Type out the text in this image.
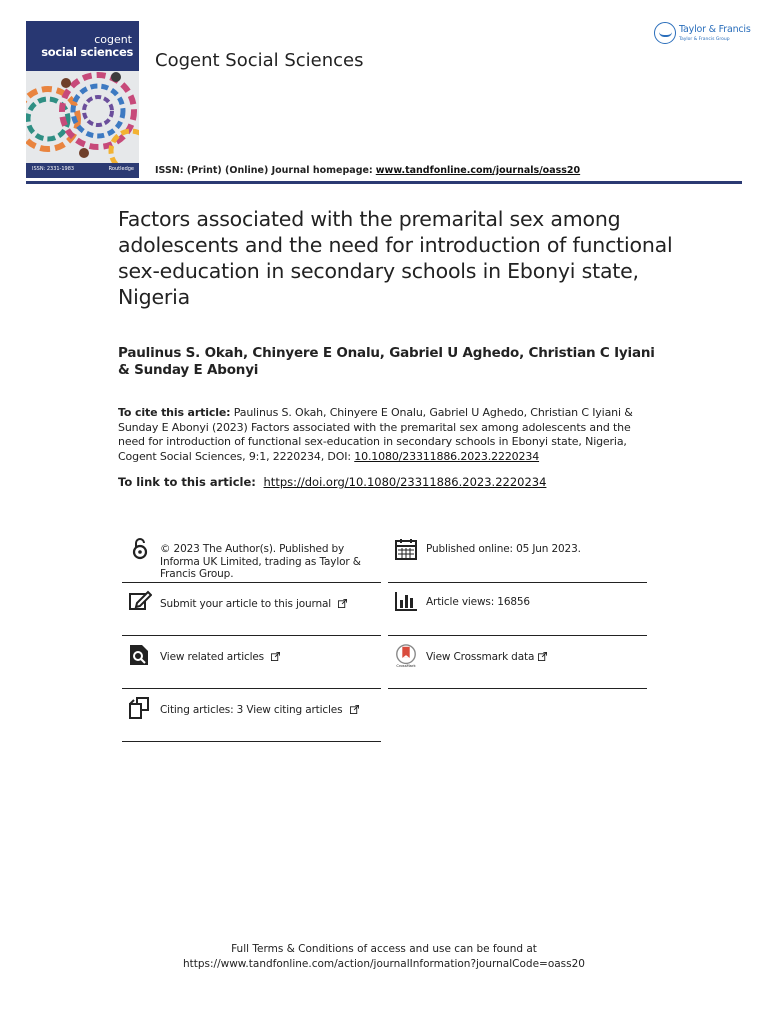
cogent
social sciences
ISSN: 2331-1983	Routledge
Cogent Social Sciences
ISSN: (Print) (Online) Journal homepage: www.tandfonline.com/journals/oass20
Taylor & Francis
Taylor & Francis Group
Factors associated with the premarital sex among adolescents and the need for introduction of functional sex-education in secondary schools in Ebonyi state, Nigeria
Paulinus S. Okah, Chinyere E Onalu, Gabriel U Aghedo, Christian C Iyiani & Sunday E Abonyi
To cite this article: Paulinus S. Okah, Chinyere E Onalu, Gabriel U Aghedo, Christian C Iyiani & Sunday E Abonyi (2023) Factors associated with the premarital sex among adolescents and the need for introduction of functional sex-education in secondary schools in Ebonyi state, Nigeria, Cogent Social Sciences, 9:1, 2220234, DOI: 10.1080/23311886.2023.2220234
To link to this article: https://doi.org/10.1080/23311886.2023.2220234
© 2023 The Author(s). Published by Informa UK Limited, trading as Taylor & Francis Group.
Published online: 05 Jun 2023.
Submit your article to this journal	Article views: 16856
View related articles
CrossMark
View Crossmark data
Citing articles: 3 View citing articles
Full Terms & Conditions of access and use can be found at
https://www.tandfonline.com/action/journalInformation?journalCode=oass20
